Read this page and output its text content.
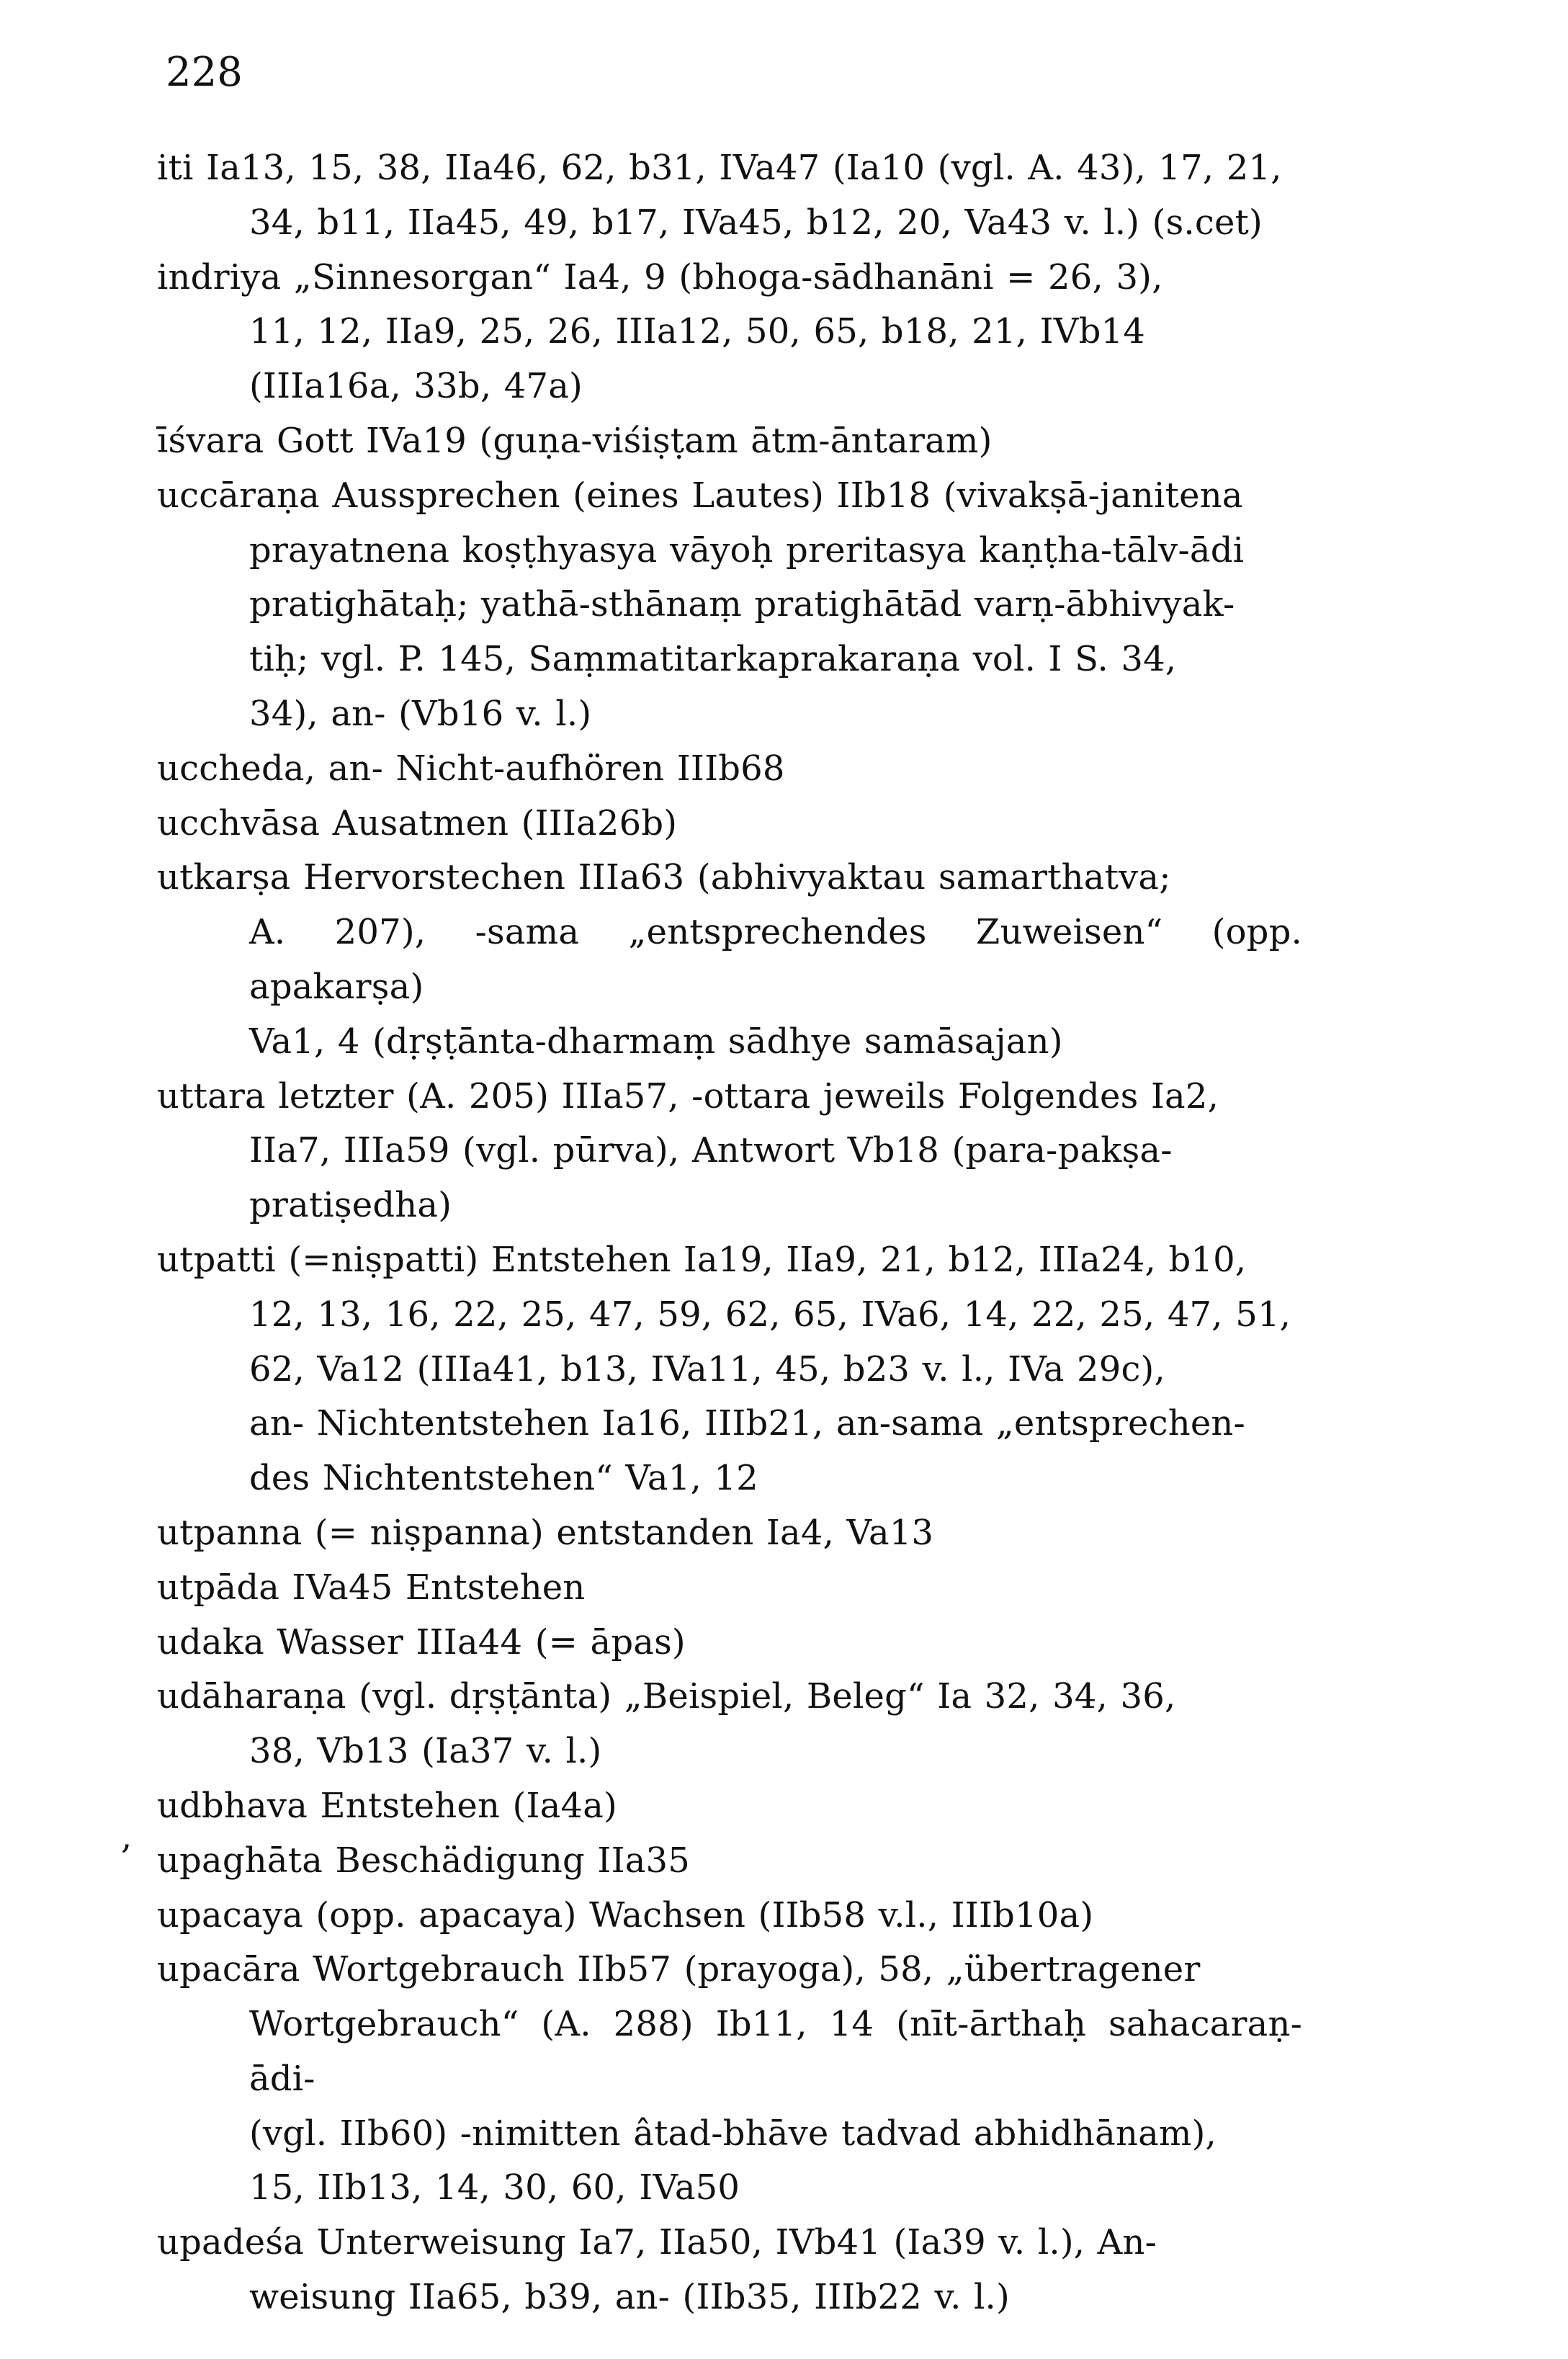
228
iti Ia13, 15, 38, IIa46, 62, b31, IVa47 (Ia10 (vgl. A. 43), 17, 21,
34, b11, IIa45, 49, b17, IVa45, b12, 20, Va43 v. l.) (s.cet)
indriya „Sinnesorgan“ Ia4, 9 (bhoga-sādhanāni = 26, 3),
11, 12, IIa9, 25, 26, IIIa12, 50, 65, b18, 21, IVb14
(IIIa16a, 33b, 47a)
īśvara Gott IVa19 (guṇa-viśiṣṭam ātm-āntaram)
uccāraṇa Aussprechen (eines Lautes) IIb18 (vivakṣā-janitena
prayatnena koṣṭhyasya vāyoḥ preritasya kaṇṭha-tālv-ādi
pratighātaḥ; yathā-sthānaṃ pratighātād varṇ-ābhivyak-
tiḥ; vgl. P. 145, Saṃmatitarkaprakaraṇa vol. I S. 34,
34), an- (Vb16 v. l.)
uccheda, an- Nicht-aufhören IIIb68
ucchvāsa Ausatmen (IIIa26b)
utkarṣa Hervorstechen IIIa63 (abhivyaktau samarthatva;
A. 207), -sama „entsprechendes Zuweisen“ (opp. apakarṣa)
Va1, 4 (dṛṣṭānta-dharmaṃ sādhye samāsajan)
uttara letzter (A. 205) IIIa57, -ottara jeweils Folgendes Ia2,
IIa7, IIIa59 (vgl. pūrva), Antwort Vb18 (para-pakṣa-
pratiṣedha)
utpatti (=niṣpatti) Entstehen Ia19, IIa9, 21, b12, IIIa24, b10,
12, 13, 16, 22, 25, 47, 59, 62, 65, IVa6, 14, 22, 25, 47, 51,
62, Va12 (IIIa41, b13, IVa11, 45, b23 v. l., IVa 29c),
an- Nichtentstehen Ia16, IIIb21, an-sama „entsprechen-
des Nichtentstehen“ Va1, 12
utpanna (= niṣpanna) entstanden Ia4, Va13
utpāda IVa45 Entstehen
udaka Wasser IIIa44 (= āpas)
udāharaṇa (vgl. dṛṣṭānta) „Beispiel, Beleg“ Ia 32, 34, 36,
38, Vb13 (Ia37 v. l.)
udbhava Entstehen (Ia4a)
upaghāta Beschädigung IIa35
upacaya (opp. apacaya) Wachsen (IIb58 v.l., IIIb10a)
upacāra Wortgebrauch IIb57 (prayoga), 58, „übertragener
Wortgebrauch“ (A. 288) Ib11, 14 (nīt-ārthaḥ sahacaraṇ-ādi-
(vgl. IIb60) -nimitten âtad-bhāve tadvad abhidhānam),
15, IIb13, 14, 30, 60, IVa50
upadeśa Unterweisung Ia7, IIa50, IVb41 (Ia39 v. l.), An-
weisung IIa65, b39, an- (IIb35, IIIb22 v. l.)
,
